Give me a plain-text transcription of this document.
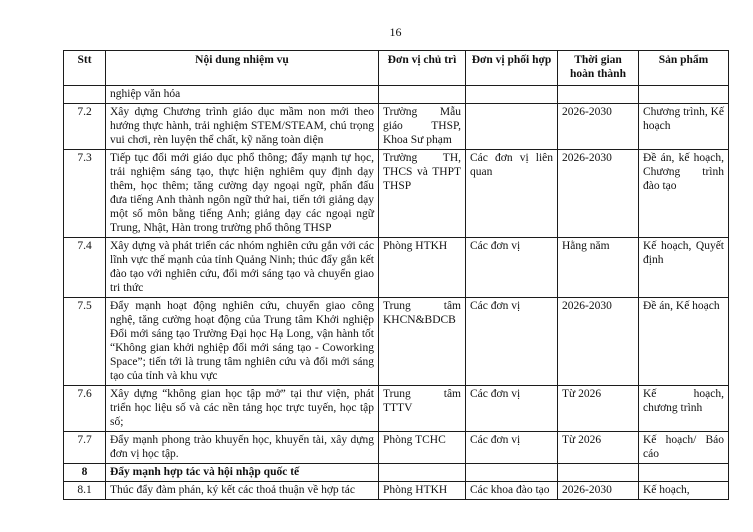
16
Stt	Nội dung nhiệm vụ	Đơn vị chủ trì	Đơn vị phối hợp	Thời gian hoàn thành	Sản phẩm
	nghiệp văn hóa				
7.2	Xây dựng Chương trình giáo dục mầm non mới theo hướng thực hành, trải nghiệm STEM/STEAM, chú trọng vui chơi, rèn luyện thể chất, kỹ năng toàn diện	Trường Mẫu giáo THSP, Khoa Sư phạm		2026-2030	Chương trình, Kế hoạch
7.3	Tiếp tục đổi mới giáo dục phổ thông; đẩy mạnh tự học, trải nghiệm sáng tạo, thực hiện nghiêm quy định dạy thêm, học thêm; tăng cường dạy ngoại ngữ, phấn đấu đưa tiếng Anh thành ngôn ngữ thứ hai, tiến tới giảng dạy một số môn bằng tiếng Anh; giảng dạy các ngoại ngữ Trung, Nhật, Hàn trong trường phổ thông THSP	Trường TH, THCS và THPT THSP	Các đơn vị liên quan	2026-2030	Đề án, kế hoạch, Chương trình đào tạo
7.4	Xây dựng và phát triển các nhóm nghiên cứu gắn với các lĩnh vực thế mạnh của tỉnh Quảng Ninh; thúc đẩy gắn kết đào tạo với nghiên cứu, đổi mới sáng tạo và chuyển giao tri thức	Phòng HTKH	Các đơn vị	Hằng năm	Kế hoạch, Quyết định
7.5	Đẩy mạnh hoạt động nghiên cứu, chuyển giao công nghệ, tăng cường hoạt động của Trung tâm Khởi nghiệp Đổi mới sáng tạo Trường Đại học Hạ Long, vận hành tốt “Không gian khởi nghiệp đổi mới sáng tạo - Coworking Space”; tiến tới là trung tâm nghiên cứu và đổi mới sáng tạo của tỉnh và khu vực	Trung tâm KHCN&BDCB	Các đơn vị	2026-2030	Đề án, Kế hoạch
7.6	Xây dựng “không gian học tập mở” tại thư viện, phát triển học liệu số và các nền tảng học trực tuyến, học tập số;	Trung tâm TTTV	Các đơn vị	Từ 2026	Kế hoạch, chương trình
7.7	Đẩy mạnh phong trào khuyến học, khuyến tài, xây dựng đơn vị học tập.	Phòng TCHC	Các đơn vị	Từ 2026	Kế hoạch/ Báo cáo
8	Đẩy mạnh hợp tác và hội nhập quốc tế				
8.1	Thúc đẩy đàm phán, ký kết các thoả thuận về hợp tác	Phòng HTKH	Các khoa đào tạo	2026-2030	Kế hoạch,
